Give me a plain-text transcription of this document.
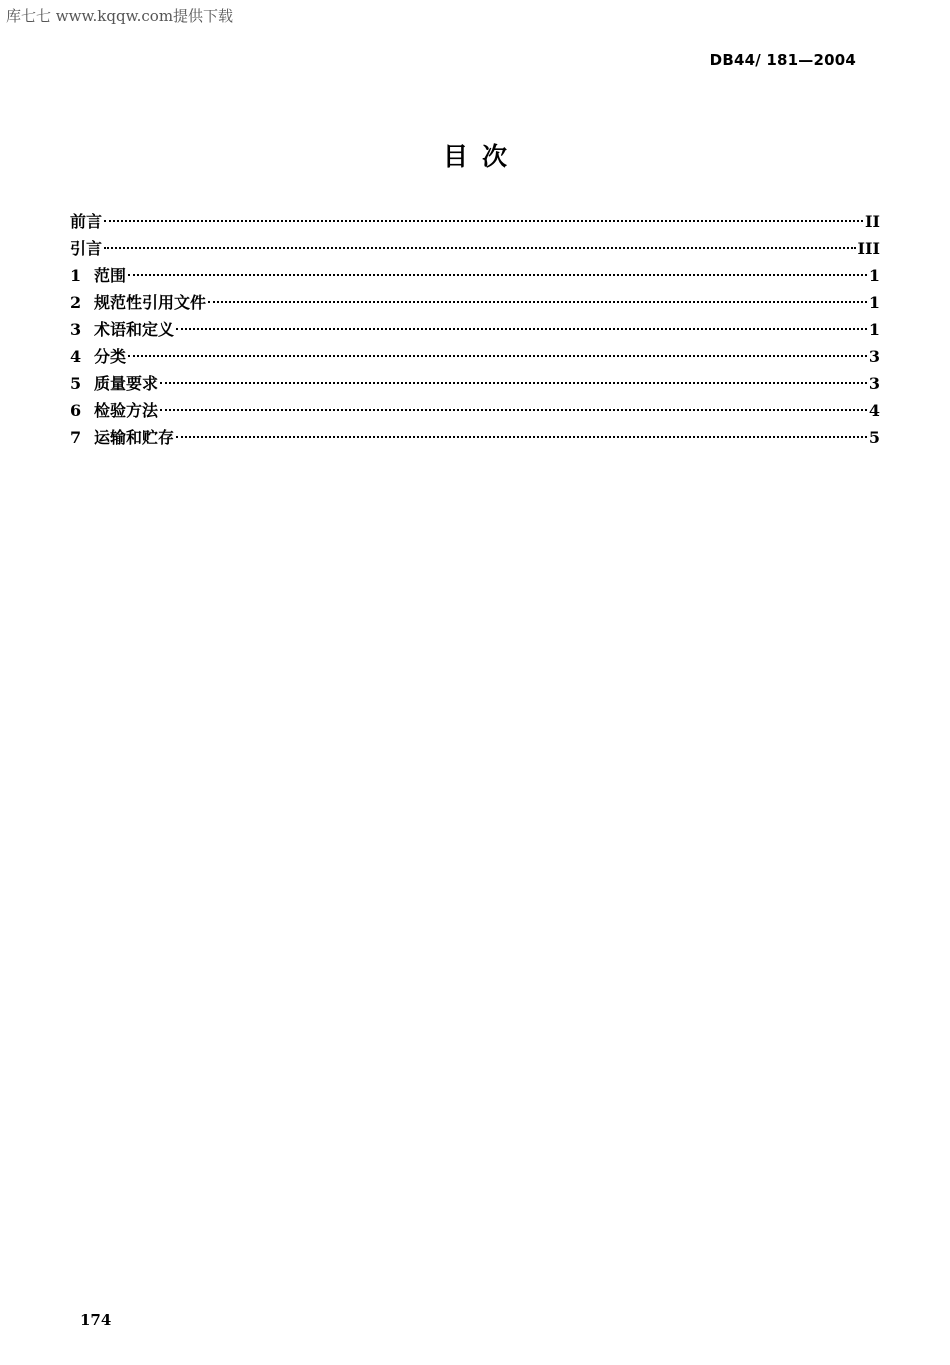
库七七 www.kqqw.com提供下载
DB44/ 181—2004
目次
前言	II
引言	III
1 范围	1
2 规范性引用文件	1
3 术语和定义	1
4 分类	3
5 质量要求	3
6 检验方法	4
7 运输和贮存	5
174
